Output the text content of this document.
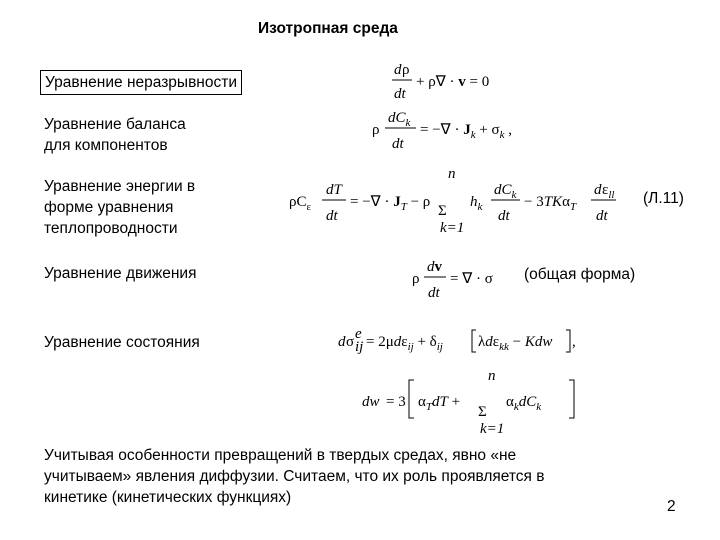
Изотропная среда
Уравнение неразрывности
Уравнение баланса
для компонентов
Уравнение энергии в
форме уравнения
теплопроводности
Уравнение движения
Уравнение состояния
(Л.11)
(общая форма)
d ρ
dt
+ ρ∇ · v = 0
ρ
$dC_k$
dt
= −∇ · $J_k + \sigma_k$ ,
$\rho C_\varepsilon$
dT
dt
= −∇ · $J_T - \rho$
n
Σ
k=1
$h_k$
$dC_k$
dt
− 3TKα$_T$
d $\varepsilon_{ll}$
dt
ρ
dv
dt
= ∇ · σ
d σ e
ij = $2\mu d\varepsilon_{ij} + \delta_{ij}$ λdε$_{kk}$ − Kdw ,
dw = 3 $\alpha_TdT$ +
n
Σ
k=1
$\alpha_kdC_k$
Учитывая особенности превращений в твердых средах, явно «не
учитываем» явления диффузии. Считаем, что их роль проявляется в
кинетике (кинетических функциях)
2
